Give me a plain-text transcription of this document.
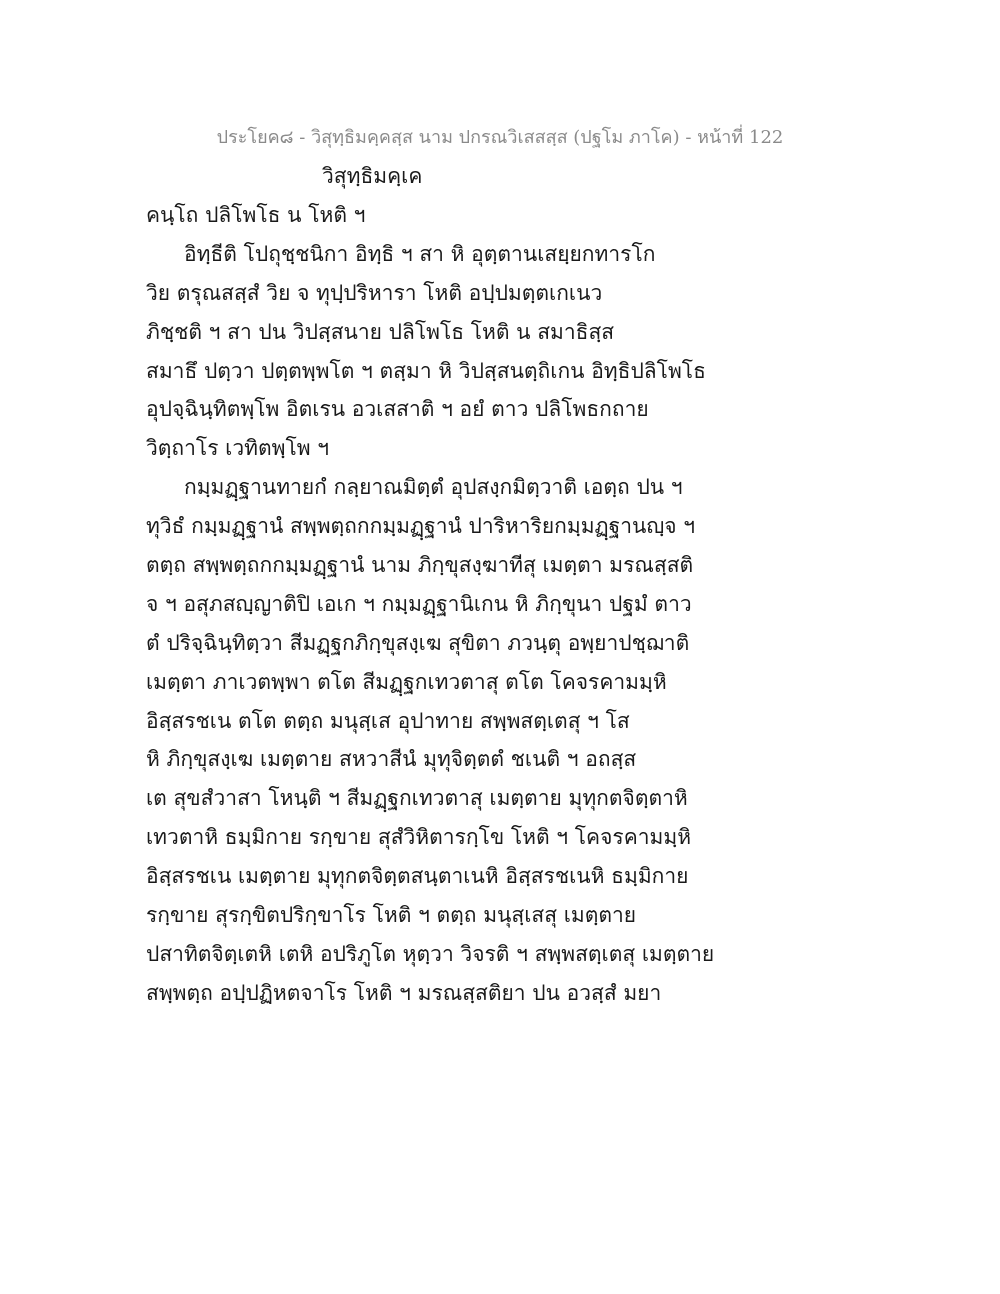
ประโยค๘ - วิสุทฺธิมคฺคสฺส นาม ปกรณวิเสสสฺส (ปฐโม ภาโค) - หน้าที่ 122
วิสุทฺธิมคฺเค
คนฺโถ ปลิโพโธ น โหติ ฯ
อิทฺธีติ โปถุชฺชนิกา อิทฺธิ ฯ สา หิ อุตฺตานเสยฺยกทารโก
วิย ตรุณสสฺสํ วิย จ ทุปฺปริหารา โหติ อปฺปมตฺตเกเนว
ภิชฺชติ ฯ สา ปน วิปสฺสนาย ปลิโพโธ โหติ น สมาธิสฺส
สมาธึ ปตฺวา ปตฺตพฺพโต ฯ ตสฺมา หิ วิปสฺสนตฺถิเกน อิทฺธิปลิโพโธ
อุปจฺฉินฺทิตพฺโพ อิตเรน อวเสสาติ ฯ อยํ ตาว ปลิโพธกถาย
วิตฺถาโร เวทิตพฺโพ ฯ
กมฺมฏฺฐานทายกํ กลฺยาณมิตฺตํ อุปสงฺกมิตฺวาติ เอตฺถ ปน ฯ
ทุวิธํ กมฺมฏฺฐานํ สพฺพตฺถกกมฺมฏฺฐานํ ปาริหาริยกมฺมฏฺฐานญฺจ ฯ
ตตฺถ สพฺพตฺถกกมฺมฏฺฐานํ นาม ภิกฺขุสงฺฆาทีสุ เมตฺตา มรณสฺสติ
จ ฯ อสุภสญฺญาติปิ เอเก ฯ กมฺมฏฺฐานิเกน หิ ภิกฺขุนา ปฐมํ ตาว
ตํ ปริจฺฉินฺทิตฺวา สีมฏฺฐกภิกฺขุสงฺเฆ สุขิตา ภวนฺตุ อพฺยาปชฺฌาติ
เมตฺตา ภาเวตพฺพา ตโต สีมฏฺฐกเทวตาสุ ตโต โคจรคามมฺหิ
อิสฺสรชเน ตโต ตตฺถ มนุสฺเส อุปาทาย สพฺพสตฺเตสุ ฯ โส
หิ ภิกฺขุสงฺเฆ เมตฺตาย สหวาสีนํ มุทุจิตฺตตํ ชเนติ ฯ อถสฺส
เต สุขสํวาสา โหนฺติ ฯ สีมฏฺฐกเทวตาสุ เมตฺตาย มุทุกตจิตฺตาหิ
เทวตาหิ ธมฺมิกาย รกฺขาย สุสํวิหิตารกฺโข โหติ ฯ โคจรคามมฺหิ
อิสฺสรชเน เมตฺตาย มุทุกตจิตฺตสนฺตาเนหิ อิสฺสรชเนหิ ธมฺมิกาย
รกฺขาย สุรกฺขิตปริกฺขาโร โหติ ฯ ตตฺถ มนุสฺเสสุ เมตฺตาย
ปสาทิตจิตฺเตหิ เตหิ อปริภูโต หุตฺวา วิจรติ ฯ สพฺพสตฺเตสุ เมตฺตาย
สพฺพตฺถ อปฺปฏิหตจาโร โหติ ฯ มรณสฺสติยา ปน อวสฺสํ มยา
